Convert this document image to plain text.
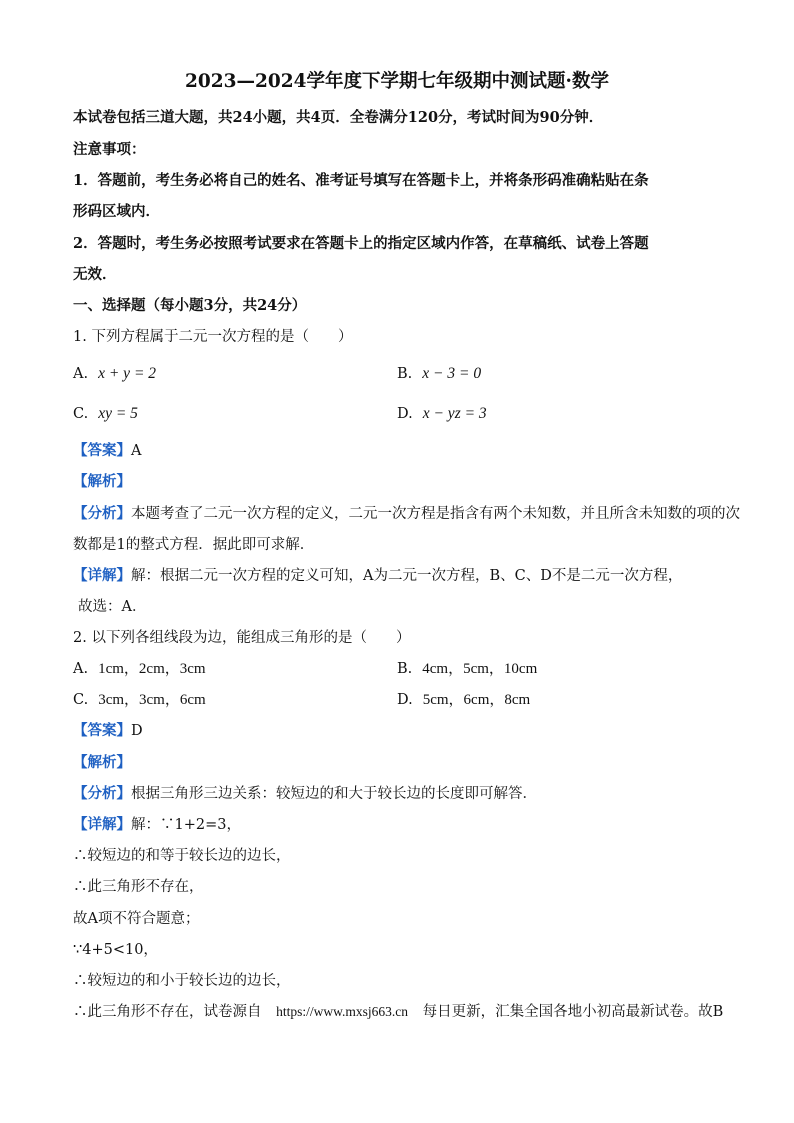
2023—2024学年度下学期七年级期中测试题·数学
本试卷包括三道大题，共24小题，共4页．全卷满分120分，考试时间为90分钟．
注意事项：
1．答题前，考生务必将自己的姓名、准考证号填写在答题卡上，并将条形码准确粘贴在条
形码区域内．
2．答题时，考生务必按照考试要求在答题卡上的指定区域内作答，在草稿纸、试卷上答题
无效．
一、选择题（每小题3分，共24分）
1. 下列方程属于二元一次方程的是（　　）
A. x + y = 2	B. x − 3 = 0
C. xy = 5	D. x − yz = 3
【答案】A
【解析】
【分析】本题考查了二元一次方程的定义，二元一次方程是指含有两个未知数，并且所含未知数的项的次
数都是1的整式方程．据此即可求解．
【详解】解：根据二元一次方程的定义可知，A为二元一次方程，B、C、D不是二元一次方程，
故选：A．
2. 以下列各组线段为边，能组成三角形的是（　　）
A. 1cm，2cm，3cm	B. 4cm，5cm，10cm
C. 3cm，3cm，6cm	D. 5cm，6cm，8cm
【答案】D
【解析】
【分析】根据三角形三边关系：较短边的和大于较长边的长度即可解答．
【详解】解：∵1+2=3，
∴较短边的和等于较长边的边长，
∴此三角形不存在，
故A项不符合题意；
∵4+5<10，
∴较短边的和小于较长边的边长，
∴此三角形不存在，试卷源自 https://www.mxsj663.cn 每日更新，汇集全国各地小初高最新试卷。故B
